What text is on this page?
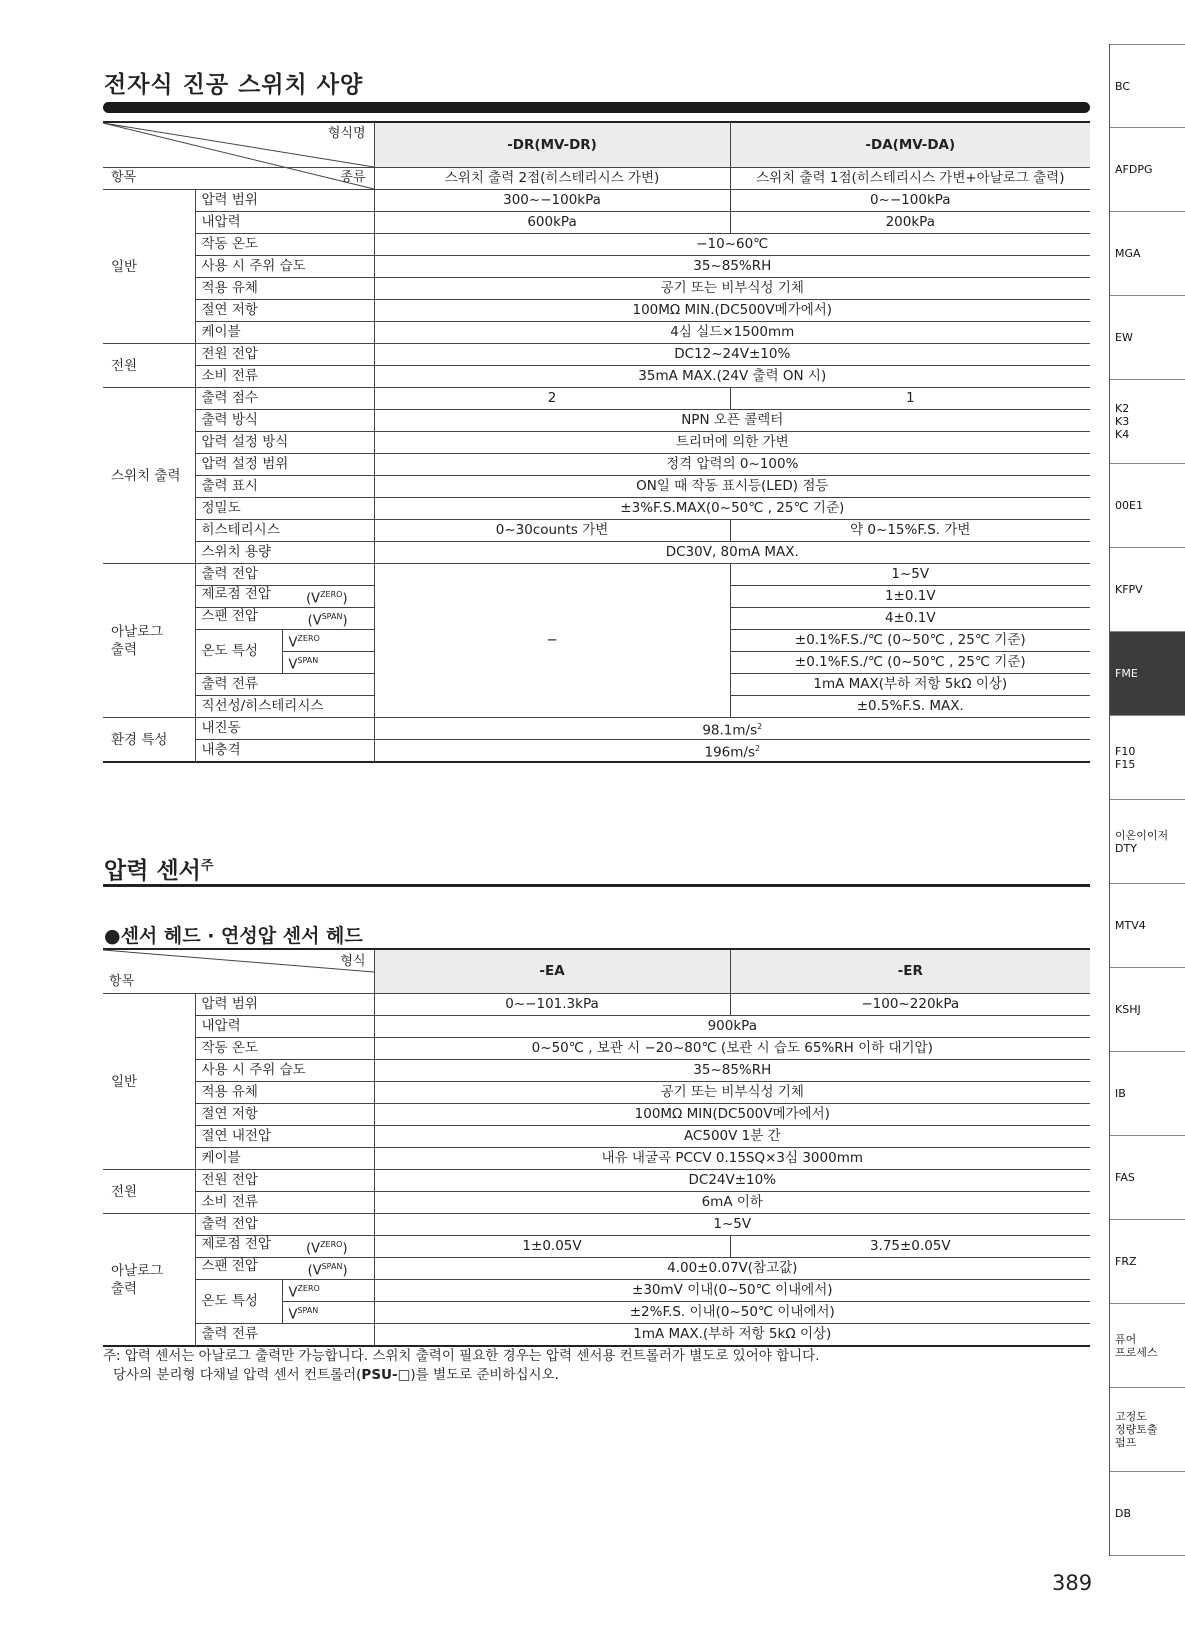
전자식 진공 스위치 사양
형식명
항목 종류			-DR(MV-DR)	-DA(MV-DA)

			스위치 출력 2점(히스테리시스 가변)	스위치 출력 1점(히스테리시스 가변+아날로그 출력)
일반	압력 범위		300~−100kPa	0~−100kPa
	내압력		600kPa	200kPa
	작동 온도		−10~60℃	
	사용 시 주위 습도		35~85%RH	
	적용 유체		공기 또는 비부식성 기체	
	절연 저항		100MΩ MIN.(DC500V메가에서)	
	케이블		4심 실드×1500mm	
전원	전원 전압		DC12~24V±10%	
	소비 전류		35mA MAX.(24V 출력 ON 시)	
스위치 출력	출력 점수		2	1
	출력 방식		NPN 오픈 콜렉터	
	압력 설정 방식		트리머에 의한 가변	
	압력 설정 범위		정격 압력의 0~100%	
	출력 표시		ON일 때 작동 표시등(LED) 점등	
	정밀도		±3%F.S.MAX(0~50℃ , 25℃ 기준)	
	히스테리시스		0~30counts 가변	약 0~15%F.S. 가변
	스위치 용량		DC30V, 80mA MAX.	
아날로그
출력	출력 전압		−	1~5V

	제로점 전압 $(V^{ZERO})$			1±0.1V

	스팬 전압 $(V^{SPAN})$			4±0.1V
	온도 특성	$V^{ZERO}$		±0.1%F.S./℃ (0~50℃ , 25℃ 기준)
		$V^{SPAN}$		±0.1%F.S./℃ (0~50℃ , 25℃ 기준)
	출력 전류			1mA MAX(부하 저항 5kΩ 이상)
	직선성/히스테리시스			±0.5%F.S. MAX.
환경 특성	내진동		$98.1m/s^2$
	내충격		$196m/s^2$
압력 센서$^주$
●센서 헤드 · 연성압 센서 헤드
형식
항목			-EA	-ER
일반	압력 범위		0~−101.3kPa	−100~220kPa
	내압력		900kPa	
	작동 온도		0~50℃ , 보관 시 −20~80℃ (보관 시 습도 65%RH 이하 대기압)	
	사용 시 주위 습도		35~85%RH	
	적용 유체		공기 또는 비부식성 기체	
	절연 저항		100MΩ MIN(DC500V메가에서)	
	절연 내전압		AC500V 1분 간	
	케이블		내유 내굴곡 PCCV 0.15SQ×3심 3000mm	
전원	전원 전압		DC24V±10%	
	소비 전류		6mA 이하	
아날로그
출력	출력 전압		1~5V	

	제로점 전압 $(V^{ZERO})$		1±0.05V	3.75±0.05V

	스팬 전압 $(V^{SPAN})$		4.00±0.07V(참고값)	
	온도 특성	$V^{ZERO}$	±30mV 이내(0~50℃ 이내에서)	
		$V^{SPAN}$	±2%F.S. 이내(0~50℃ 이내에서)	
	출력 전류		1mA MAX.(부하 저항 5kΩ 이상)	
주: 압력 센서는 아날로그 출력만 가능합니다. 스위치 출력이 필요한 경우는 압력 센서용 컨트롤러가 별도로 있어야 합니다.
당사의 분리형 다채널 압력 센서 컨트롤러(PSU-□)를 별도로 준비하십시오.
389
BC
AFDPG
MGA
EW
K2
K3
K4
00E1
KFPV
FME
F10
F15
이온이이저
DTY
MTV4
KSHJ
IB
FAS
FRZ
퓨어
프로세스
고정도
정량토출
펌프
DB
